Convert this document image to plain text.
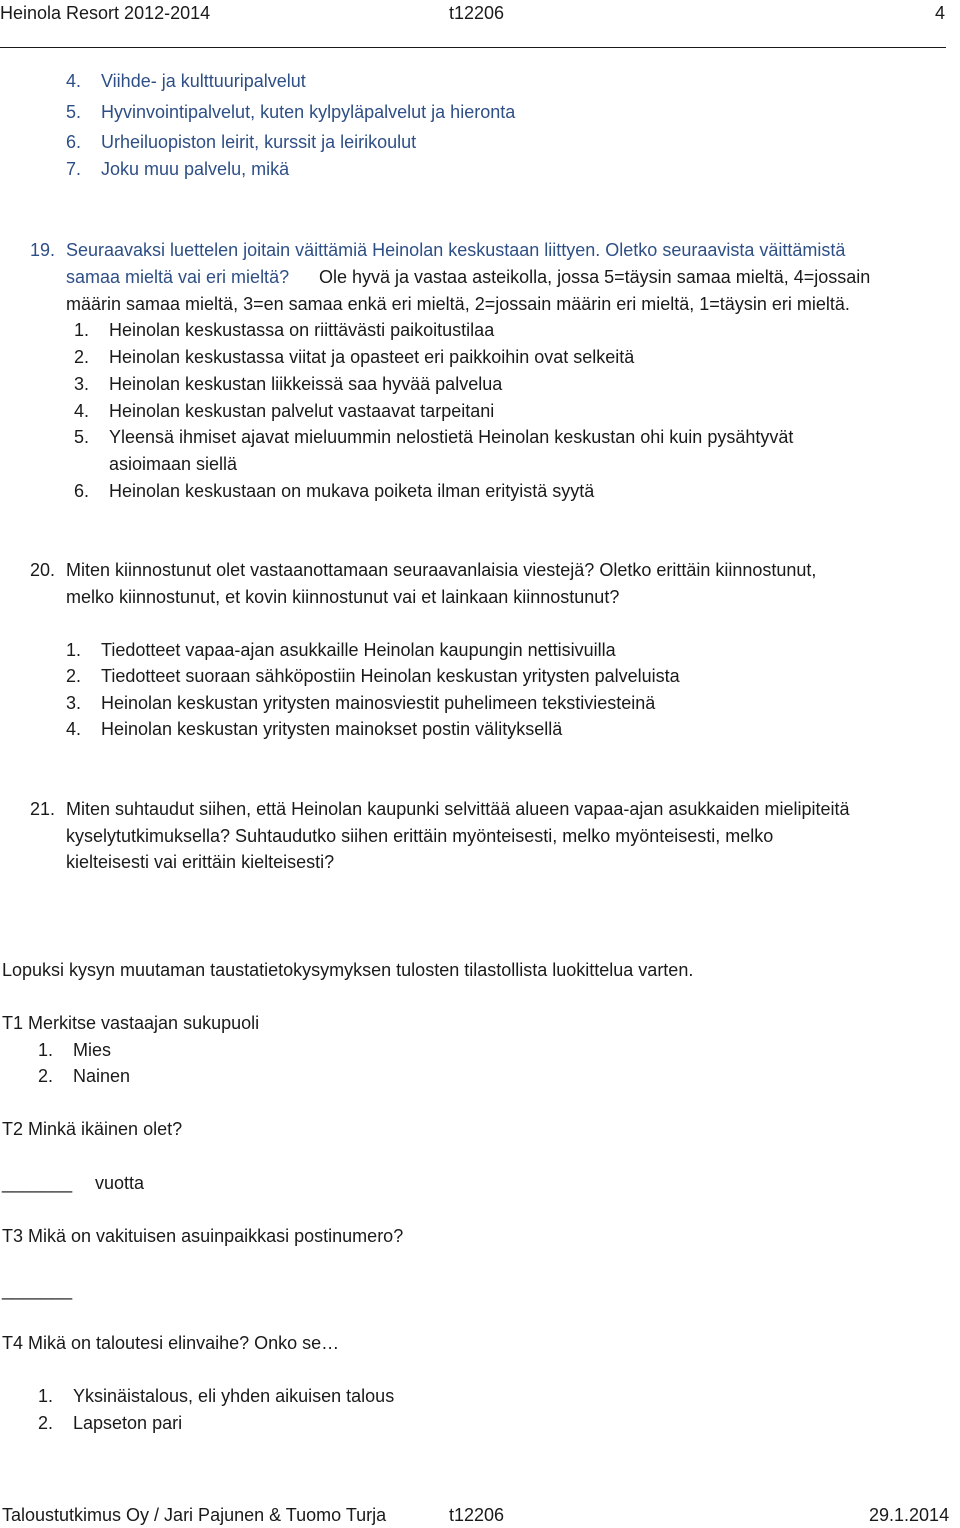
Heinola Resort 2012-2014	t12206	4
4. Viihde- ja kulttuuripalvelut
5. Hyvinvointipalvelut, kuten kylpyläpalvelut ja hieronta
6. Urheiluopiston leirit, kurssit ja leirikoulut
7. Joku muu palvelu, mikä
19. Seuraavaksi luettelen joitain väittämiä Heinolan keskustaan liittyen. Oletko seuraavista väittämistä
samaa mieltä vai eri mieltä? Ole hyvä ja vastaa asteikolla, jossa 5=täysin samaa mieltä, 4=jossain
määrin samaa mieltä, 3=en samaa enkä eri mieltä, 2=jossain määrin eri mieltä, 1=täysin eri mieltä.
1. Heinolan keskustassa on riittävästi paikoitustilaa
2. Heinolan keskustassa viitat ja opasteet eri paikkoihin ovat selkeitä
3. Heinolan keskustan liikkeissä saa hyvää palvelua
4. Heinolan keskustan palvelut vastaavat tarpeitani
5. Yleensä ihmiset ajavat mieluummin nelostietä Heinolan keskustan ohi kuin pysähtyvät
asioimaan siellä
6. Heinolan keskustaan on mukava poiketa ilman erityistä syytä
20. Miten kiinnostunut olet vastaanottamaan seuraavanlaisia viestejä? Oletko erittäin kiinnostunut,
melko kiinnostunut, et kovin kiinnostunut vai et lainkaan kiinnostunut?
1. Tiedotteet vapaa-ajan asukkaille Heinolan kaupungin nettisivuilla
2. Tiedotteet suoraan sähköpostiin Heinolan keskustan yritysten palveluista
3. Heinolan keskustan yritysten mainosviestit puhelimeen tekstiviesteinä
4. Heinolan keskustan yritysten mainokset postin välityksellä
21. Miten suhtaudut siihen, että Heinolan kaupunki selvittää alueen vapaa-ajan asukkaiden mielipiteitä
kyselytutkimuksella? Suhtaudutko siihen erittäin myönteisesti, melko myönteisesti, melko
kielteisesti vai erittäin kielteisesti?
Lopuksi kysyn muutaman taustatietokysymyksen tulosten tilastollista luokittelua varten.
T1 Merkitse vastaajan sukupuoli
1. Mies
2. Nainen
T2 Minkä ikäinen olet?
_______ vuotta
T3 Mikä on vakituisen asuinpaikkasi postinumero?
_______
T4 Mikä on taloutesi elinvaihe? Onko se…
1. Yksinäistalous, eli yhden aikuisen talous
2. Lapseton pari
Taloustutkimus Oy / Jari Pajunen & Tuomo Turja	t12206	29.1.2014
